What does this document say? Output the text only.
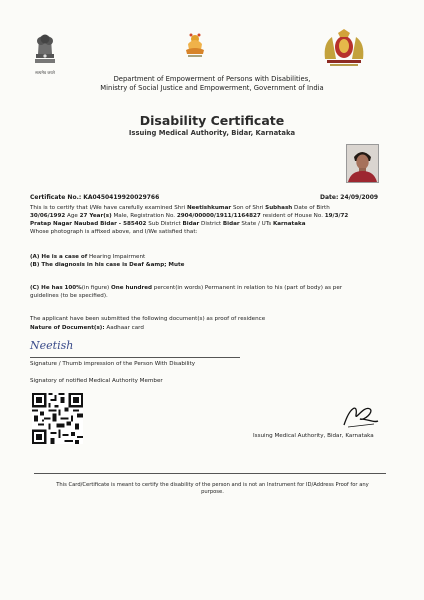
सत्यमेव जयते
Department of Empowerment of Persons with Disabilities,
Ministry of Social Justice and Empowerment, Government of India
Disability Certificate
Issuing Medical Authority, Bidar, Karnataka
Certificate No.: KA0450419920029766	Date: 24/09/2009
This is to certify that I/We have carefully examined Shri Neetishkumar Son of Shri Subhash Date of Birth
30/06/1992 Age 27 Year(s) Male, Registration No. 2904/00000/1911/1164827 resident of House No. 19/3/72
Pratap Nagar Naubad Bidar - 585402 Sub District Bidar District Bidar State / UTs Karnataka
Whose photograph is affixed above, and I/We satisfied that:
(A) He is a case of Hearing Impairment
(B) The diagnosis in his case is Deaf &amp; Mute
(C) He has 100%(in figure) One hundred percent(in words) Permanent in relation to his (part of body) as per
guidelines (to be specified).
The applicant have been submitted the following document(s) as proof of residence
Nature of Document(s): Aadhaar card
Neetish
Signature / Thumb impression of the Person With Disability
Signatory of notified Medical Authority Member
Issuing Medical Authority, Bidar, Karnataka
This Card/Certificate is meant to certify the disability of the person and is not an Instrument for ID/Address Proof for any
purpose.
